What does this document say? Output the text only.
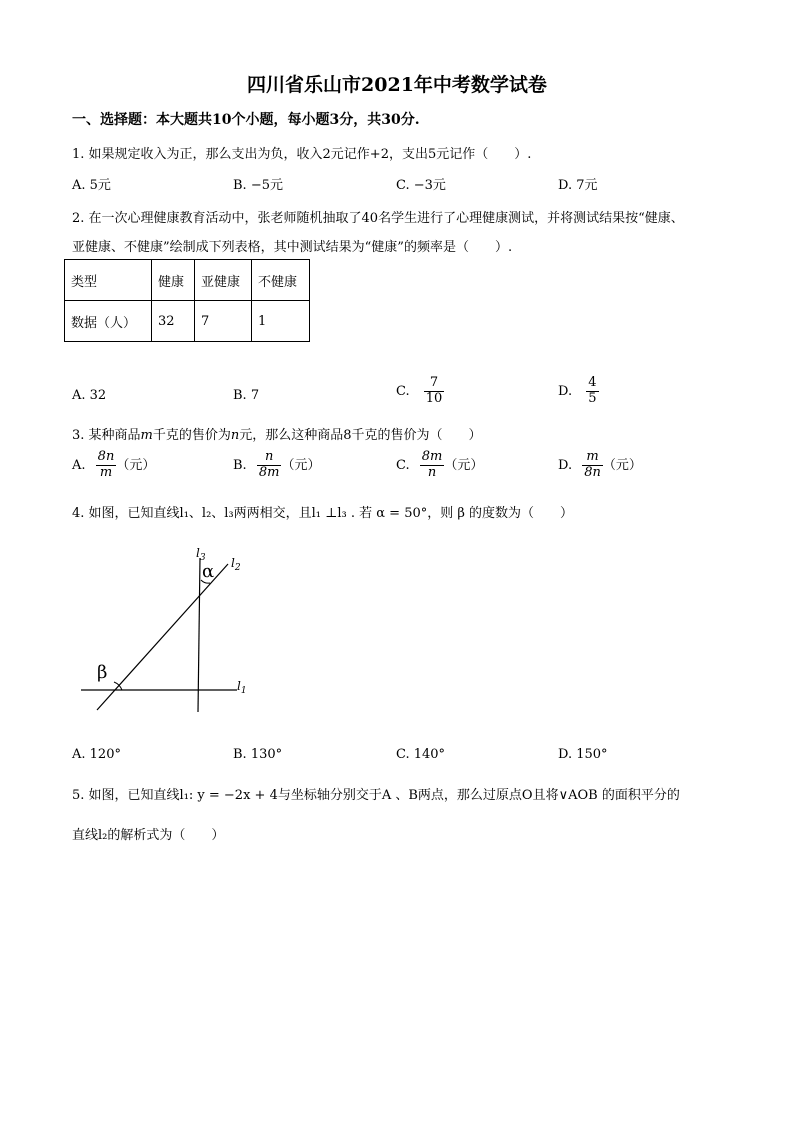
四川省乐山市2021年中考数学试卷
一、选择题：本大题共10个小题，每小题3分，共30分.
1. 如果规定收入为正，那么支出为负，收入2元记作+2，支出5元记作（　　）.
A. 5元	B. −5元	C. −3元	D. 7元
2. 在一次心理健康教育活动中，张老师随机抽取了40名学生进行了心理健康测试，并将测试结果按“健康、
亚健康、不健康”绘制成下列表格，其中测试结果为“健康”的频率是（　　）.
类型	健康	亚健康	不健康
数据（人）	32	7	1
A. 32	B. 7	C. $\frac{7}{10}$	D. $\frac{4}{5}$
3. 某种商品m千克的售价为n元，那么这种商品8千克的售价为（　　）
A. $\frac{8n}{m}$ （元）	B. $\frac{n}{8m}$ （元）	C. $\frac{8m}{n}$ （元）	D. $\frac{m}{8n}$ （元）
4. 如图，已知直线l₁、l₂、l₃两两相交，且l₁ ⊥l₃ . 若 α = 50°，则 β 的度数为（　　）
$l_3$ $l_2$
$l_1$
α
β
A. 120°	B. 130°	C. 140°	D. 150°
5. 如图，已知直线l₁: y = −2x + 4与坐标轴分别交于A 、B两点，那么过原点O且将∨AOB 的面积平分的
直线l₂的解析式为（　　）
